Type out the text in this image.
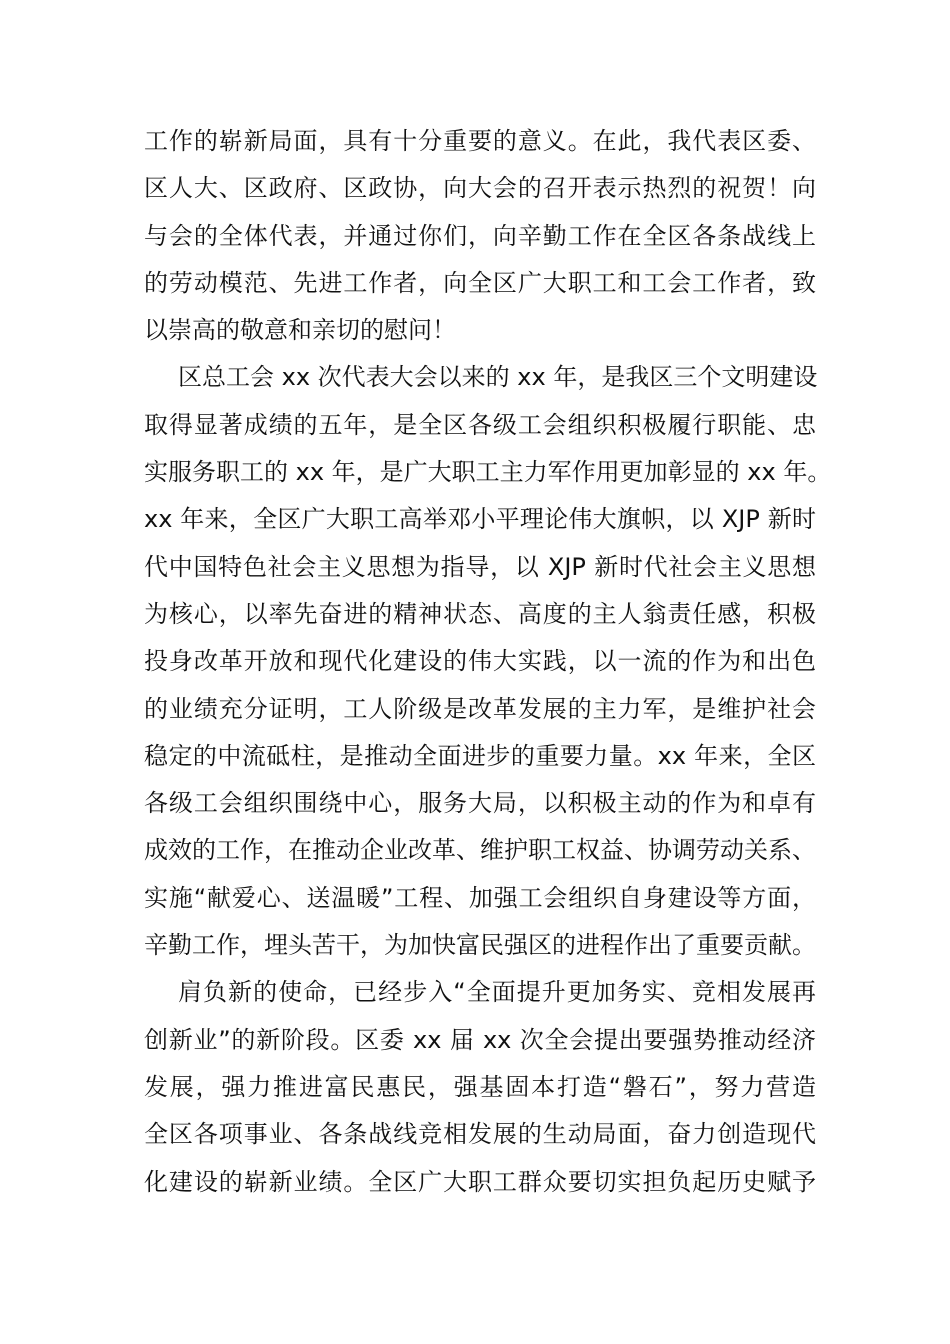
工作的崭新局面，具有十分重要的意义。在此，我代表区委、
区人大、区政府、区政协，向大会的召开表示热烈的祝贺！向
与会的全体代表，并通过你们，向辛勤工作在全区各条战线上
的劳动模范、先进工作者，向全区广大职工和工会工作者，致
以崇高的敬意和亲切的慰问！
区总工会 xx 次代表大会以来的 xx 年，是我区三个文明建设
取得显著成绩的五年，是全区各级工会组织积极履行职能、忠
实服务职工的 xx 年，是广大职工主力军作用更加彰显的 xx 年。
xx 年来，全区广大职工高举邓小平理论伟大旗帜，以 XJP 新时
代中国特色社会主义思想为指导，以 XJP 新时代社会主义思想
为核心，以率先奋进的精神状态、高度的主人翁责任感，积极
投身改革开放和现代化建设的伟大实践，以一流的作为和出色
的业绩充分证明，工人阶级是改革发展的主力军，是维护社会
稳定的中流砥柱，是推动全面进步的重要力量。xx 年来，全区
各级工会组织围绕中心，服务大局，以积极主动的作为和卓有
成效的工作，在推动企业改革、维护职工权益、协调劳动关系、
实施“献爱心、送温暖”工程、加强工会组织自身建设等方面，
辛勤工作，埋头苦干，为加快富民强区的进程作出了重要贡献。
肩负新的使命，已经步入“全面提升更加务实、竞相发展再
创新业”的新阶段。区委 xx 届 xx 次全会提出要强势推动经济
发展，强力推进富民惠民，强基固本打造“磐石”，努力营造
全区各项事业、各条战线竞相发展的生动局面，奋力创造现代
化建设的崭新业绩。全区广大职工群众要切实担负起历史赋予
